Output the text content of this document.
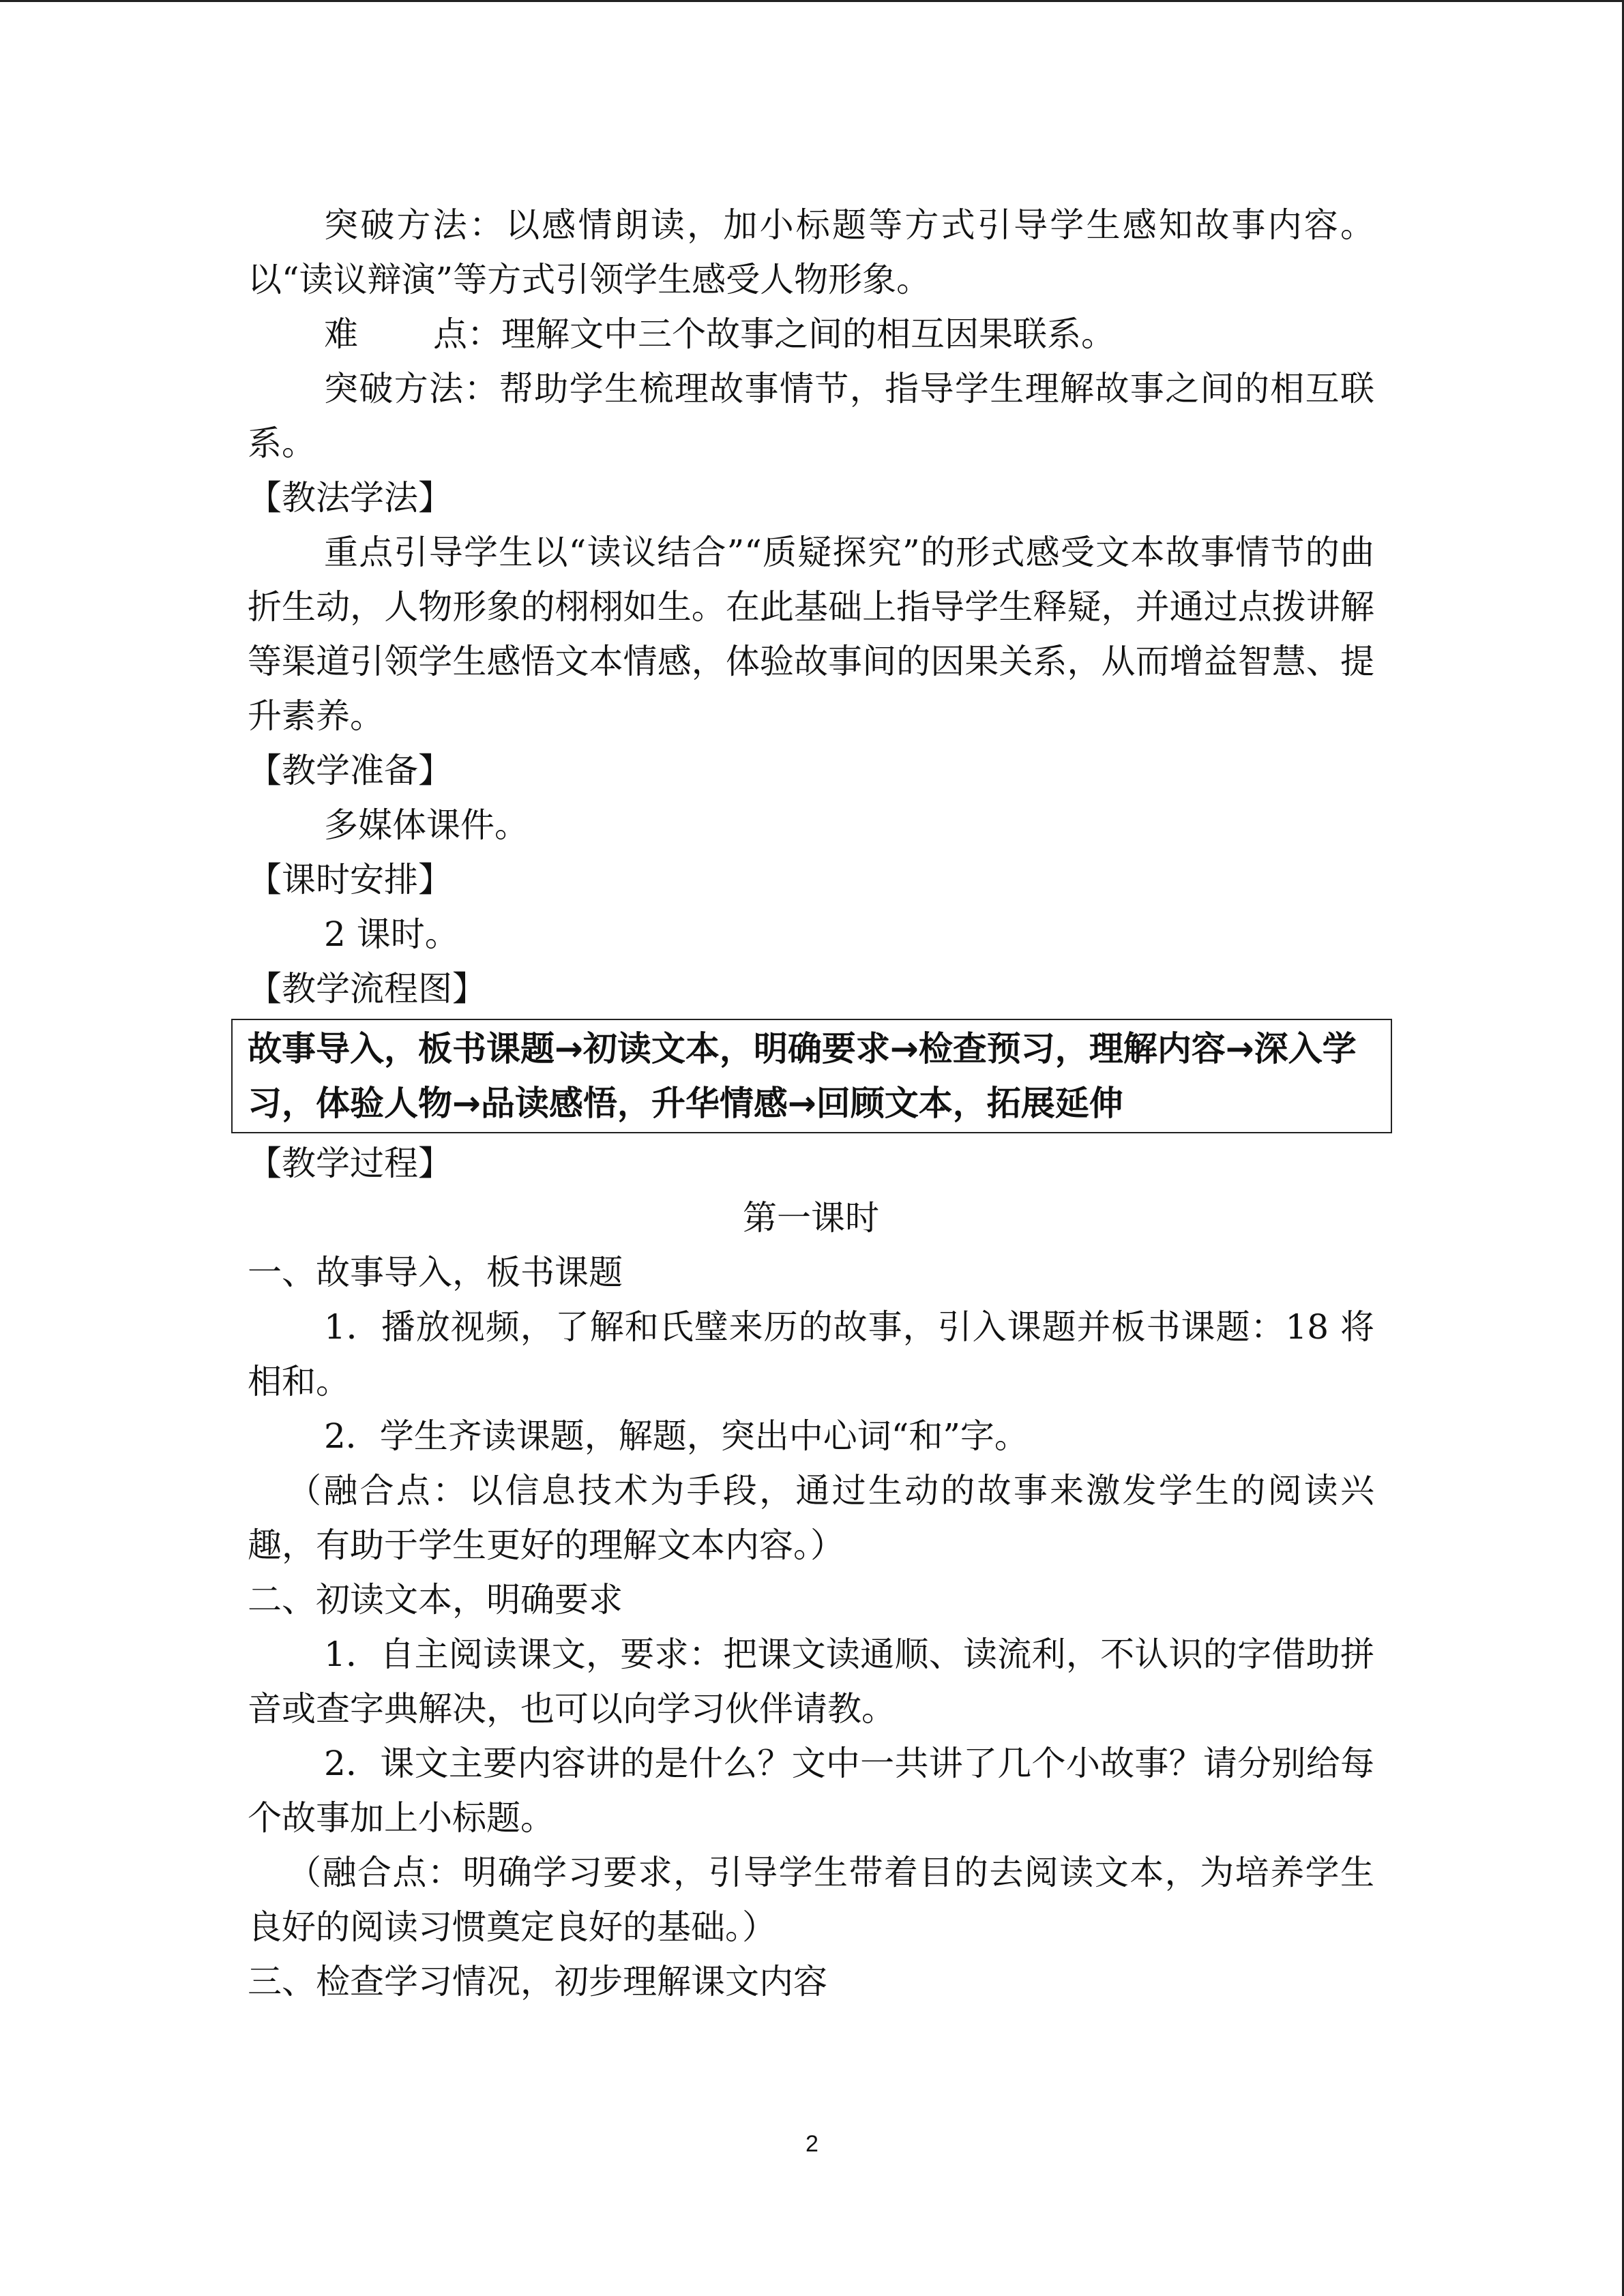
突破方法：以感情朗读，加小标题等方式引导学生感知故事内容。以“读议辩演”等方式引领学生感受人物形象。

难 点：理解文中三个故事之间的相互因果联系。

突破方法：帮助学生梳理故事情节，指导学生理解故事之间的相互联系。

【教法学法】

重点引导学生以“读议结合”“质疑探究”的形式感受文本故事情节的曲折生动，人物形象的栩栩如生。在此基础上指导学生释疑，并通过点拨讲解等渠道引领学生感悟文本情感，体验故事间的因果关系，从而增益智慧、提升素养。

【教学准备】

多媒体课件。

【课时安排】

2 课时。

【教学流程图】

故事导入，板书课题→初读文本，明确要求→检查预习，理解内容→深入学习，体验人物→品读感悟，升华情感→回顾文本，拓展延伸

【教学过程】

第一课时

一、故事导入，板书课题

1．播放视频，了解和氏璧来历的故事，引入课题并板书课题：18 将相和。

2．学生齐读课题，解题，突出中心词“和”字。

（融合点：以信息技术为手段，通过生动的故事来激发学生的阅读兴趣，有助于学生更好的理解文本内容。）

二、初读文本，明确要求

1．自主阅读课文，要求：把课文读通顺、读流利，不认识的字借助拼音或查字典解决，也可以向学习伙伴请教。

2．课文主要内容讲的是什么？文中一共讲了几个小故事？请分别给每个故事加上小标题。

（融合点：明确学习要求，引导学生带着目的去阅读文本，为培养学生良好的阅读习惯奠定良好的基础。）

三、检查学习情况，初步理解课文内容

2
